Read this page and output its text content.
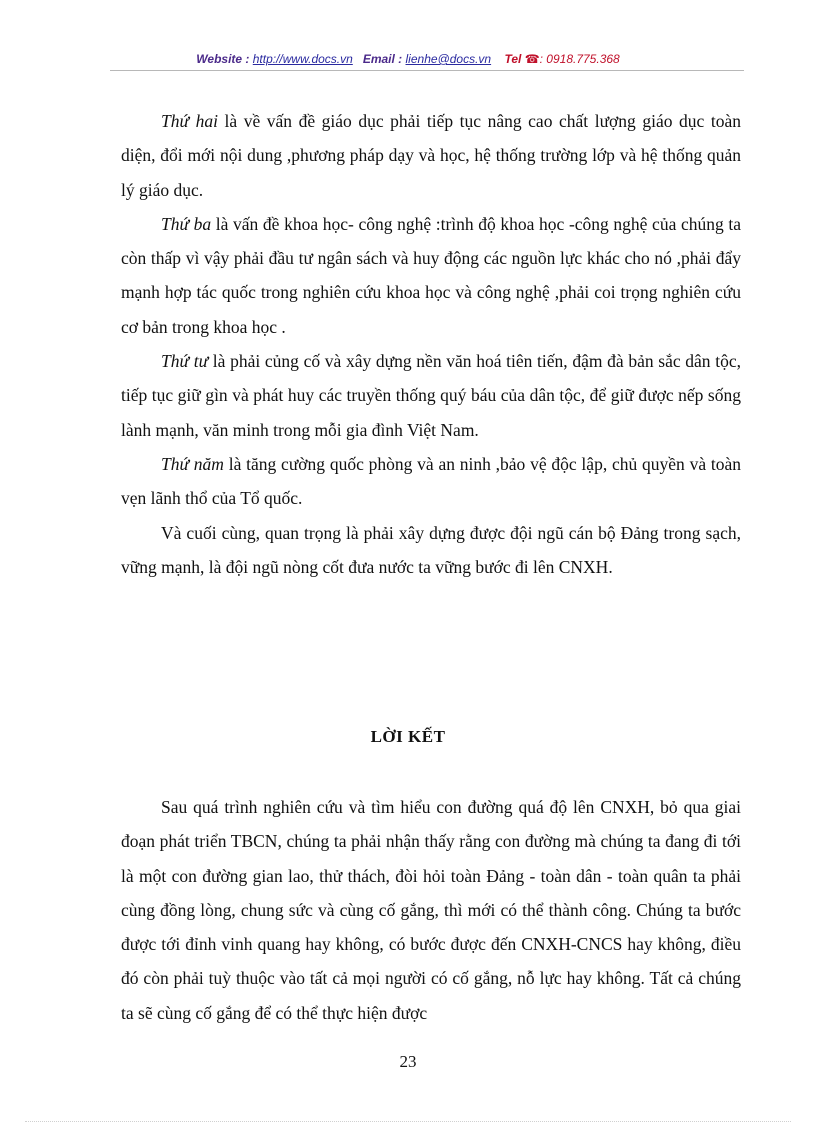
Website : http://www.docs.vn Email : lienhe@docs.vn Tel ☎: 0918.775.368

Thứ hai là về vấn đề giáo dục phải tiếp tục nâng cao chất lượng giáo dục toàn diện, đổi mới nội dung ,phương pháp dạy và học, hệ thống trường lớp và hệ thống quản lý giáo dục.

Thứ ba là vấn đề khoa học- công nghệ :trình độ khoa học -công nghệ của chúng ta còn thấp vì vậy phải đầu tư ngân sách và huy động các nguồn lực khác cho nó ,phải đẩy mạnh hợp tác quốc trong nghiên cứu khoa học và công nghệ ,phải coi trọng nghiên cứu cơ bản trong khoa học .

Thứ tư là phải củng cố và xây dựng nền văn hoá tiên tiến, đậm đà bản sắc dân tộc, tiếp tục giữ gìn và phát huy các truyền thống quý báu của dân tộc, để giữ được nếp sống lành mạnh, văn minh trong mỗi gia đình Việt Nam.

Thứ năm là tăng cường quốc phòng và an ninh ,bảo vệ độc lập, chủ quyền và toàn vẹn lãnh thổ của Tổ quốc.

Và cuối cùng, quan trọng là phải xây dựng được đội ngũ cán bộ Đảng trong sạch, vững mạnh, là đội ngũ nòng cốt đưa nước ta vững bước đi lên CNXH.

LỜI KẾT

Sau quá trình nghiên cứu và tìm hiểu con đường quá độ lên CNXH, bỏ qua giai đoạn phát triển TBCN, chúng ta phải nhận thấy rằng con đường mà chúng ta đang đi tới là một con đường gian lao, thử thách, đòi hỏi toàn Đảng - toàn dân - toàn quân ta phải cùng đồng lòng, chung sức và cùng cố gắng, thì mới có thể thành công. Chúng ta bước được tới đỉnh vinh quang hay không, có bước được đến CNXH-CNCS hay không, điều đó còn phải tuỳ thuộc vào tất cả mọi người có cố gắng, nỗ lực hay không. Tất cả chúng ta sẽ cùng cố gắng để có thể thực hiện được

23
